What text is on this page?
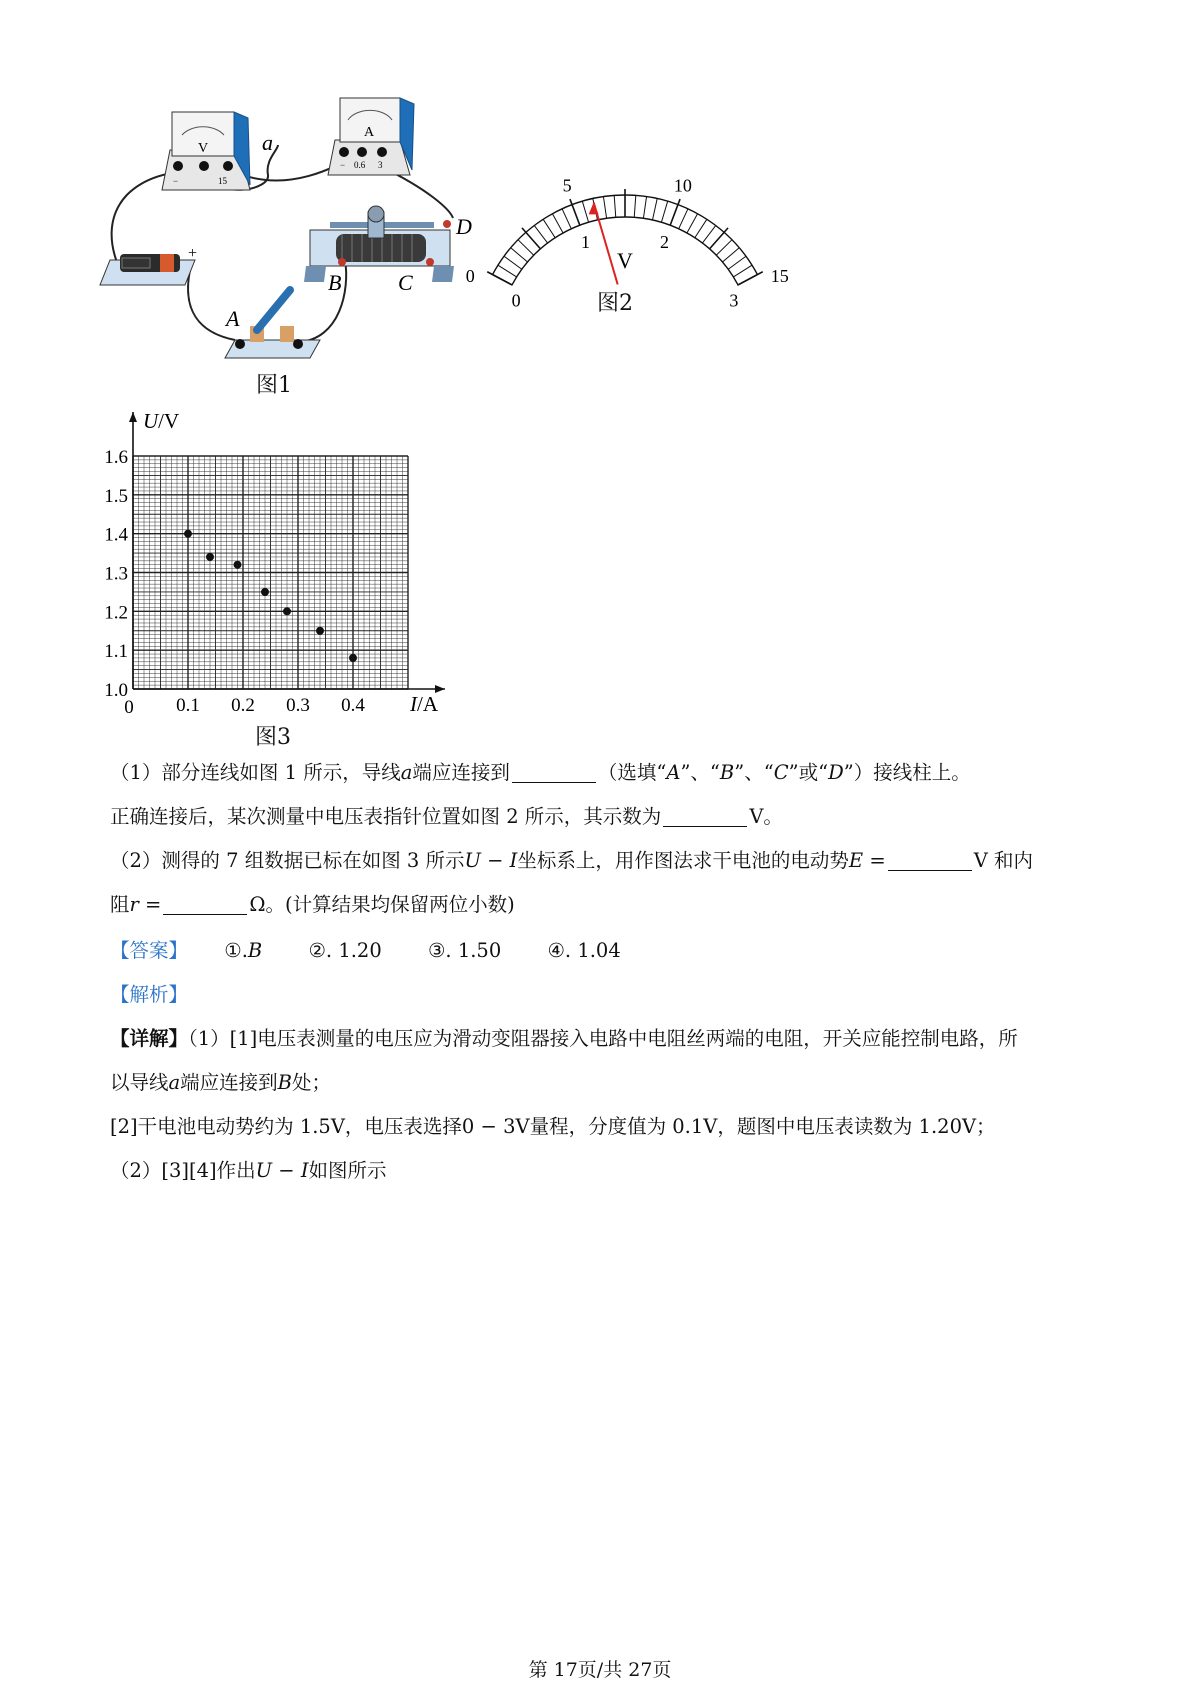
V
−	15
a	A
− 0.6 3
+
D
B	C
A
图1
0
5	10
15
0
1	2
3
V
图2
1.0
1.1
1.2
1.3
1.4
1.5
1.6
0.1 0.2 0.3 0.4
0
U/V
I/A
图3
（1）部分连线如图 1 所示，导线a端应连接到	（选填“A”、“B”、“C”或“D”）接线柱上。
正确连接后，某次测量中电压表指针位置如图 2 所示，其示数为	V。
（2）测得的 7 组数据已标在如图 3 所示U − I坐标系上，用作图法求干电池的电动势E =	V 和内
阻r =	Ω。(计算结果均保留两位小数)
【答案】 ①.B ②. 1.20 ③. 1.50 ④. 1.04
【解析】
【详解】（1）[1]电压表测量的电压应为滑动变阻器接入电路中电阻丝两端的电阻，开关应能控制电路，所
以导线a端应连接到B处；
[2]干电池电动势约为 1.5V，电压表选择0 − 3V量程，分度值为 0.1V，题图中电压表读数为 1.20V；
（2）[3][4]作出U − I如图所示
第 17页/共 27页
